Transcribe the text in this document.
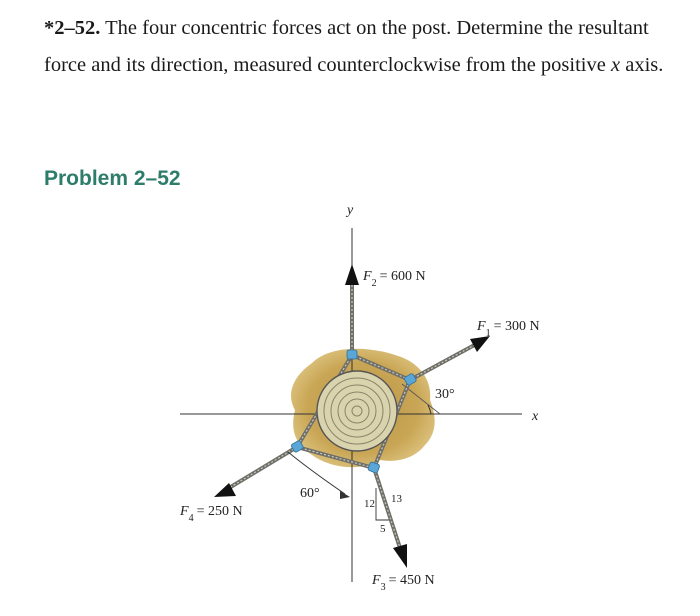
*2–52. The four concentric forces act on the post. Determine the resultant force and its direction, measured counterclockwise from the positive x axis.
Problem 2–52
y
x
$F_2 = 600$ N
$F_1 = 300$ N
$F_3 = 450$ N
$F_4 = 250$ N
30°
60°
12 13
5
